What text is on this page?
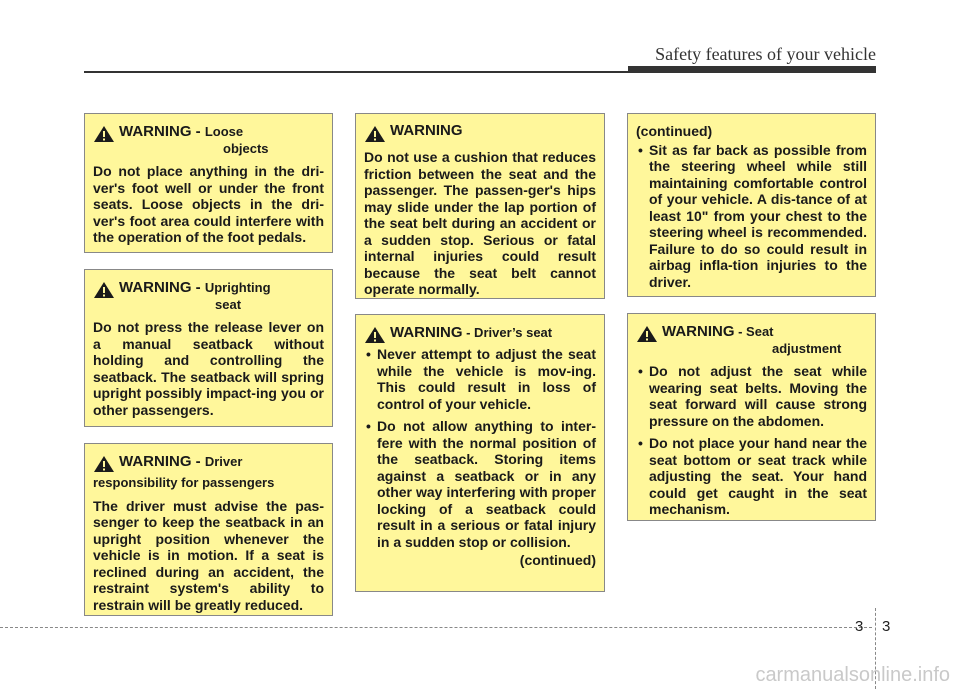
Safety features of your vehicle
WARNING - Loose
objects
Do not place anything in the dri-ver's foot well or under the front seats. Loose objects in the dri-ver's foot area could interfere with the operation of the foot pedals.
WARNING - Uprighting
seat
Do not press the release lever on a manual seatback without holding and controlling the seatback. The seatback will spring upright possibly impact-ing you or other passengers.
WARNING - Driver
responsibility for passengers
The driver must advise the pas-senger to keep the seatback in an upright position whenever the vehicle is in motion. If a seat is reclined during an accident, the restraint system's ability to restrain will be greatly reduced.
WARNING
Do not use a cushion that reduces friction between the seat and the passenger. The passen-ger's hips may slide under the lap portion of the seat belt during an accident or a sudden stop. Serious or fatal internal injuries could result because the seat belt cannot operate normally.
WARNING - Driver’s seat
• Never attempt to adjust the seat while the vehicle is mov-ing. This could result in loss of control of your vehicle.
• Do not allow anything to inter-fere with the normal position of the seatback. Storing items against a seatback or in any other way interfering with proper locking of a seatback could result in a serious or fatal injury in a sudden stop or collision.
(continued)
(continued)
• Sit as far back as possible from the steering wheel while still maintaining comfortable control of your vehicle. A dis-tance of at least 10" from your chest to the steering wheel is recommended. Failure to do so could result in airbag infla-tion injuries to the driver.
WARNING - Seat
adjustment
• Do not adjust the seat while wearing seat belts. Moving the seat forward will cause strong pressure on the abdomen.
• Do not place your hand near the seat bottom or seat track while adjusting the seat. Your hand could get caught in the seat mechanism.
3 3
carmanualsonline.info
